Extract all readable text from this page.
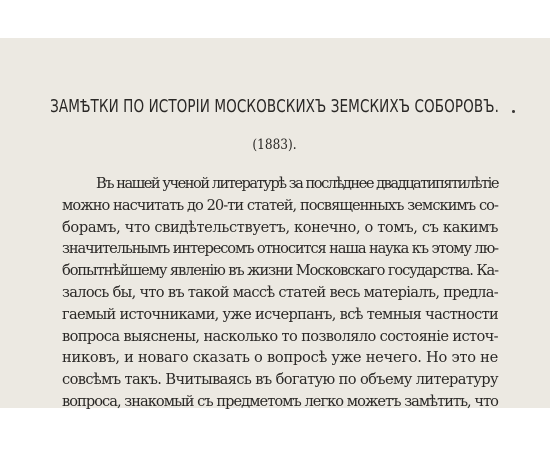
ЗАМѢТКИ ПО ИСТОРІИ МОСКОВСКИХЪ ЗЕМСКИХЪ СОБОРОВЪ.
(1883).
Въ нашей ученой литературѣ за послѣднее двадцатипятилѣтіе
можно насчитать до 20-ти статей, посвященныхъ земскимъ со-
борамъ, что свидѣтельствуетъ, конечно, о томъ, съ какимъ
значительнымъ интересомъ относится наша наука къ этому лю-
бопытнѣйшему явленію въ жизни Московскаго государства. Ка-
залось бы, что въ такой массѣ статей весь матеріалъ, предла-
гаемый источниками, уже исчерпанъ, всѣ темныя частности
вопроса выяснены, насколько то позволяло состояніе источ-
никовъ, и новаго сказать о вопросѣ уже нечего. Но это не
совсѣмъ такъ. Вчитываясь въ богатую по объему литературу
вопроса, знакомый съ предметомъ легко можетъ замѣтить, что
